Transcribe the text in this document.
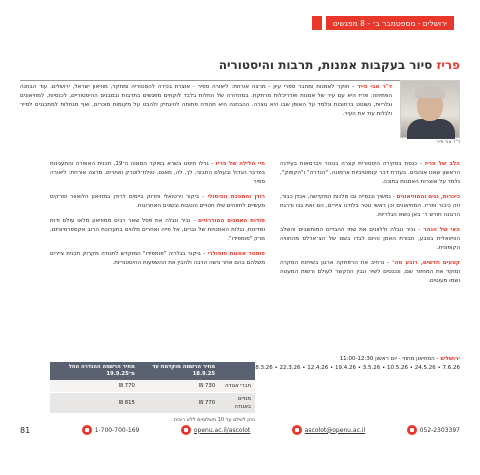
ירושלים - מספטמבר ב׳ - 8 מפגשים
פריז סיור בעקבות אמנות, תרבות והיסטוריה
ד"ר אבי פייר
ד"ר אבי פייר - חוקר לאמנות ומחבר ספרי עיון - מרצה אורחת: ליאורה ספיר - אוצרת בכירה להסטוריה ומחקר, מוזיאון ישראל, ירושלים. עוד הבחנה הפתיחה: פריז היא עם עיר של אמנות ואדריכלות מרתקת. במהדורה של החלות בלבד לוקחים מפגשים בתרבות ובמבנים ההיסטוריים, לכנסיות, למוזיאונים וגלריות, נשוטט ברחובות ונלמד על האופן שבו היא נוצרה. ההבחנה היא תהודה פתוחה להיגתיק ולהבט על מקומות מוכרים, ואף מנחלות למתכננים לסייר ולגלות עוד את העיר.

הלב של פריז - כנסת בסקירה היסטורית קצרה בנוטר ויברמאות בעידנה הראשון שאנו אוהבים. בעזרת דבר קומוטיביות ארמונה, "הנדרה" ו"הקפוק", נלמד על אוצרות האמנות בתוכה.

כיכרות, גנים והמוזיאונים - נמשיך וכנסייה ובו מלכות המקדשה, אכדן כבור, וזה כיבור ופריז. המוזיאונים וכן ראשי נוטר בלודנו ציירים, הם ואת גבו ודרגת הרגונה חורש ר׳ באן נושא הגלריות.

האי של הנהר - נכיר ונגלה וללוונים את שתי ההבדים המוחשבים והשלב הוויזואלית בטבע, חבורת האמן והיום לבדו בשם של הצ׳ארלס מהחוויה הקופונית.

קטעים חדשים, רובע מה־ - נרחיב את הרפתקה ארגון בשיחות המקרה ומוקד את המחזור שם, ונכנסים לשיר ונבין ההקשר לעולם ורשות המעטה ושמו מעוטים.

חיי הלילה של פריז - גרלו תימנו בשרא בפוקר המאוה ה־19, תכנית האופרה והתעגינות בפרבר הגדול ובעולם התבוני, לך, לה, מאנס, טולוז־לוטרק ואחרים. מרצה אורחת: ליאורה ספיר

רודן והמפכת הפיסולי - ביקור וירטואלי וחרוק ביימים לרודן במוזיאון הלואוור ופרקים מעשיים לחזוהים שלו חטויים והטבות ובשנים האחרונות.

סודות האמנים המודרניים - נכיר ונגלה את פסל שאר רבים ממוזיאון מלאו עולם ודות ומדינות, נגלות האמנויות של נגרים, אל פייה ואחרים מלווים בתערוכת הרוב אקספרסיוניזם, מרק "פומפידו".

פוסטר אמנות פופולרי - ביקור בגלריה "פומפידו" המוקדש לתנודה מקרוק תכנית ציירים משלהם בהם אחר גישה הרבה ולהבין את ההשפעות ההיסטוריות.

ירושלים - המוזיאון מחוזי - יום ראשון 11:00-12:30
7.6.26 • 24.5.26 • 10.5.26 • 3.5.26 • 19.4.26 • 12.4.26 • 22.3.26 • 8.3.26
	מחיר הרשמה מוקדמת עד 18.9.25	מחיר הרשמה ההגדרה החל מ־19.9.25
חברי אגודה	730 ₪	770 ₪
מנויים באגודה	770 ₪	815 ₪
ניתן לשלם עד 10 תשלומים ללא ריבית.
81	1-700-700-169	openu.ac.il/ascolot	ascolot@openu.ac.il	052-2303397
